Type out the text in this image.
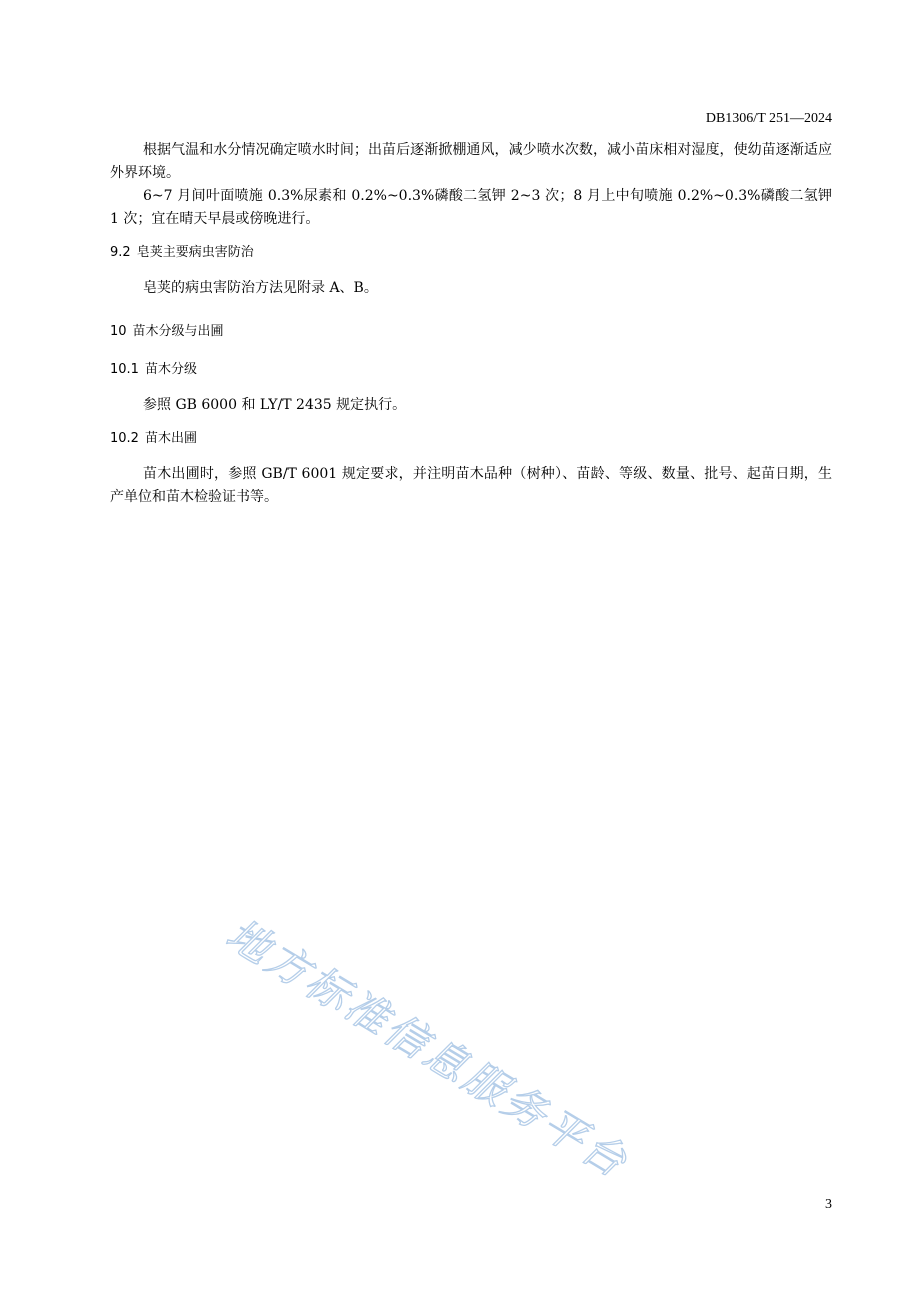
DB1306/T 251—2024

根据气温和水分情况确定喷水时间；出苗后逐渐掀棚通风，减少喷水次数，减小苗床相对湿度，使幼苗逐渐适应外界环境。

6~7 月间叶面喷施 0.3%尿素和 0.2%~0.3%磷酸二氢钾 2~3 次；8 月上中旬喷施 0.2%~0.3%磷酸二氢钾 1 次；宜在晴天早晨或傍晚进行。

9.2 皂荚主要病虫害防治

皂荚的病虫害防治方法见附录 A、B。

10 苗木分级与出圃
10.1 苗木分级

参照 GB 6000 和 LY/T 2435 规定执行。

10.2 苗木出圃

苗木出圃时，参照 GB/T 6001 规定要求，并注明苗木品种（树种）、苗龄、等级、数量、批号、起苗日期，生产单位和苗木检验证书等。

地方标准信息服务平台
3
